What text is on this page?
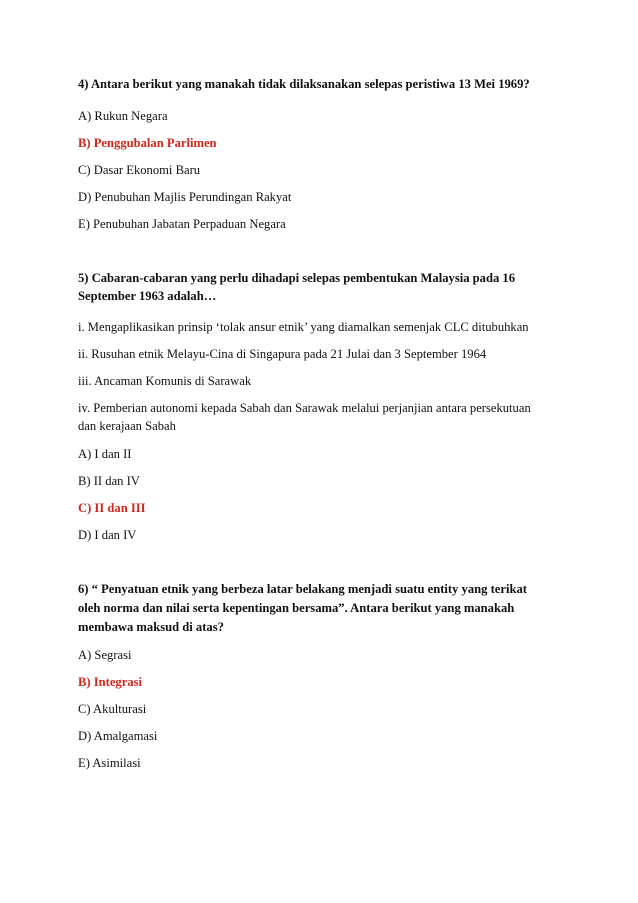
4) Antara berikut yang manakah tidak dilaksanakan selepas peristiwa 13 Mei 1969?

A) Rukun Negara

B) Penggubalan Parlimen

C) Dasar Ekonomi Baru

D) Penubuhan Majlis Perundingan Rakyat

E) Penubuhan Jabatan Perpaduan Negara

5) Cabaran-cabaran yang perlu dihadapi selepas pembentukan Malaysia pada 16

September 1963 adalah…

i. Mengaplikasikan prinsip ‘tolak ansur etnik’ yang diamalkan semenjak CLC ditubuhkan

ii. Rusuhan etnik Melayu-Cina di Singapura pada 21 Julai dan 3 September 1964

iii. Ancaman Komunis di Sarawak

iv. Pemberian autonomi kepada Sabah dan Sarawak melalui perjanjian antara persekutuan

dan kerajaan Sabah

A) I dan II

B) II dan IV

C) II dan III

D) I dan IV

6) “ Penyatuan etnik yang berbeza latar belakang menjadi suatu entity yang terikat

oleh norma dan nilai serta kepentingan bersama”. Antara berikut yang manakah

membawa maksud di atas?

A) Segrasi

B) Integrasi

C) Akulturasi

D) Amalgamasi

E) Asimilasi
